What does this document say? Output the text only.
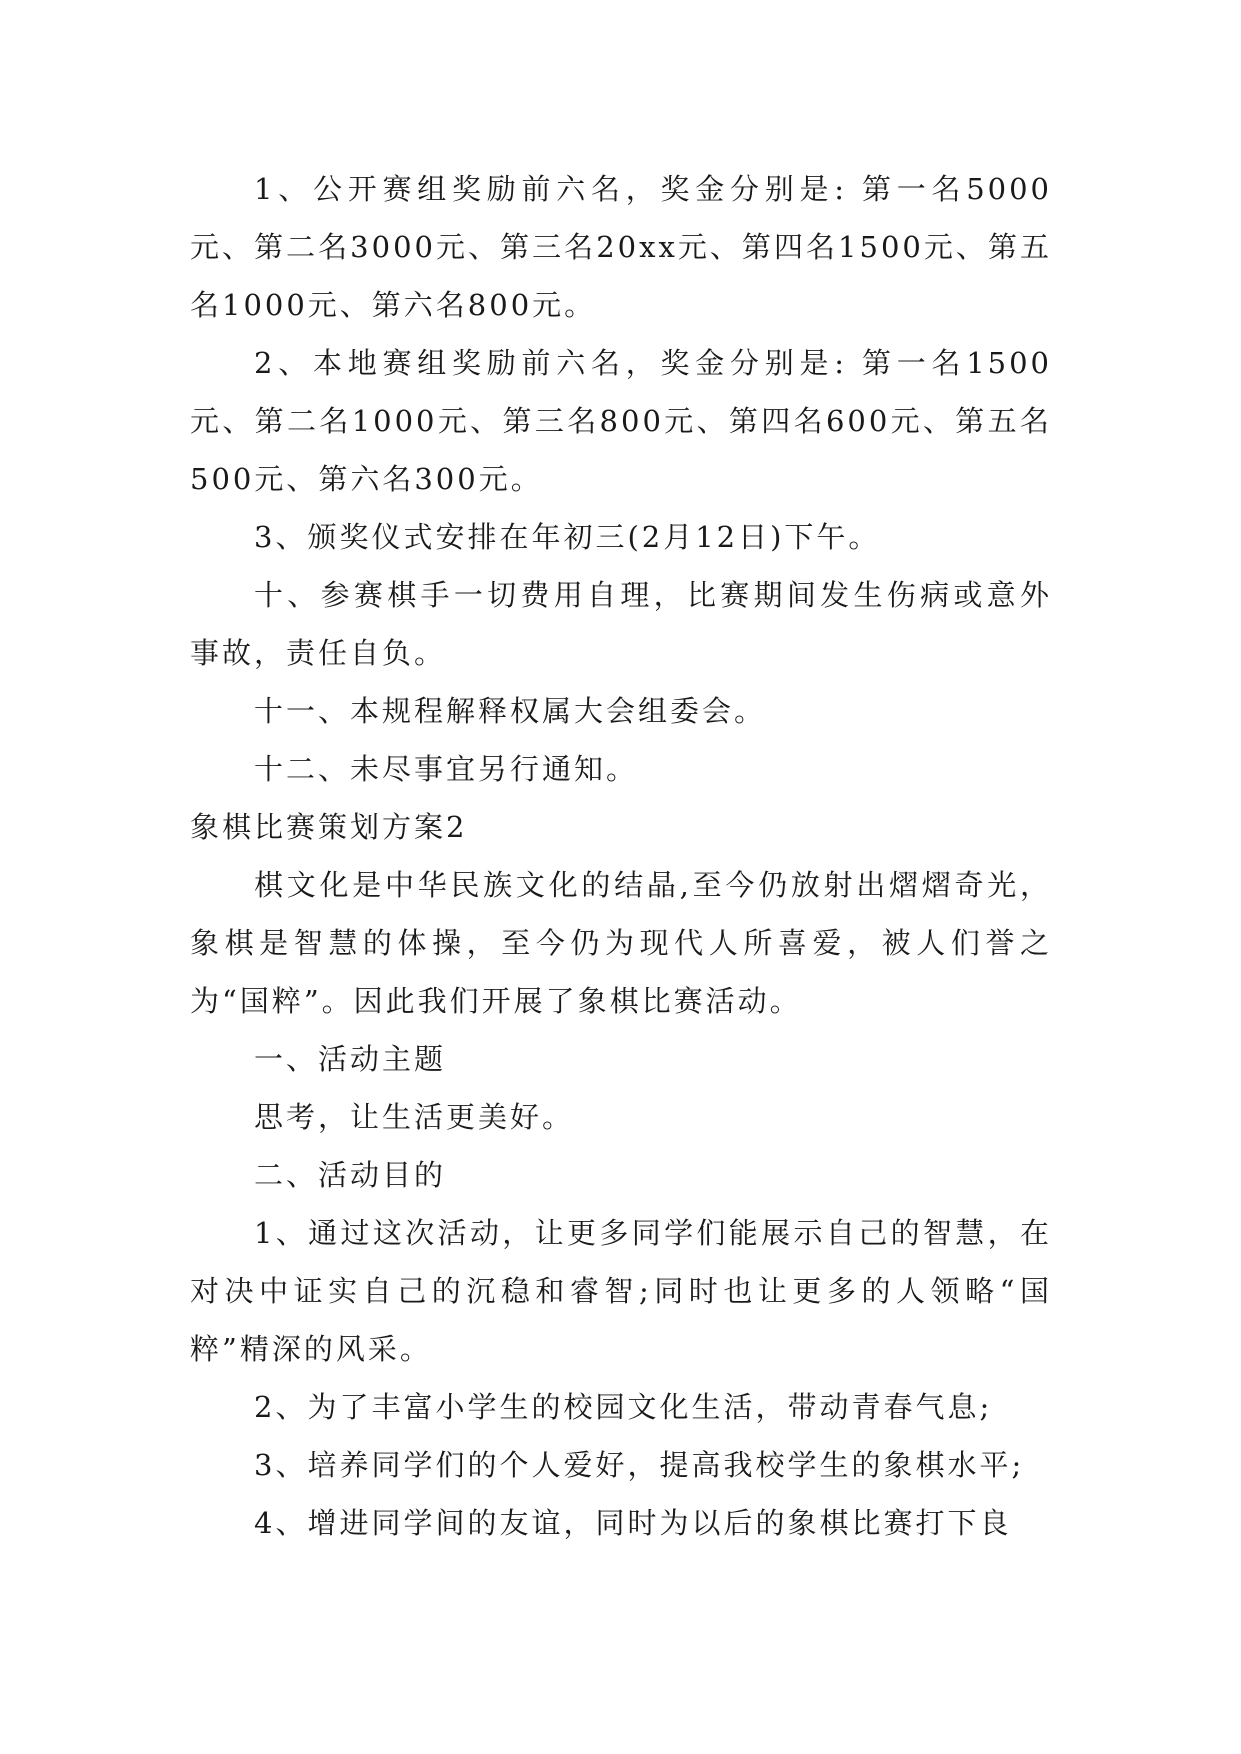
1、公开赛组奖励前六名，奖金分别是: 第一名5000元、第二名3000元、第三名20xx元、第四名1500元、第五名1000元、第六名800元。

2、本地赛组奖励前六名，奖金分别是: 第一名1500元、第二名1000元、第三名800元、第四名600元、第五名500元、第六名300元。

3、颁奖仪式安排在年初三(2月12日)下午。

十、参赛棋手一切费用自理，比赛期间发生伤病或意外事故，责任自负。

十一、本规程解释权属大会组委会。

十二、未尽事宜另行通知。

象棋比赛策划方案2

棋文化是中华民族文化的结晶,至今仍放射出熠熠奇光，象棋是智慧的体操，至今仍为现代人所喜爱，被人们誉之为“国粹”。因此我们开展了象棋比赛活动。

一、活动主题

思考，让生活更美好。

二、活动目的

1、通过这次活动，让更多同学们能展示自己的智慧，在对决中证实自己的沉稳和睿智;同时也让更多的人领略“国粹”精深的风采。

2、为了丰富小学生的校园文化生活，带动青春气息;

3、培养同学们的个人爱好，提高我校学生的象棋水平;

4、增进同学间的友谊，同时为以后的象棋比赛打下良
